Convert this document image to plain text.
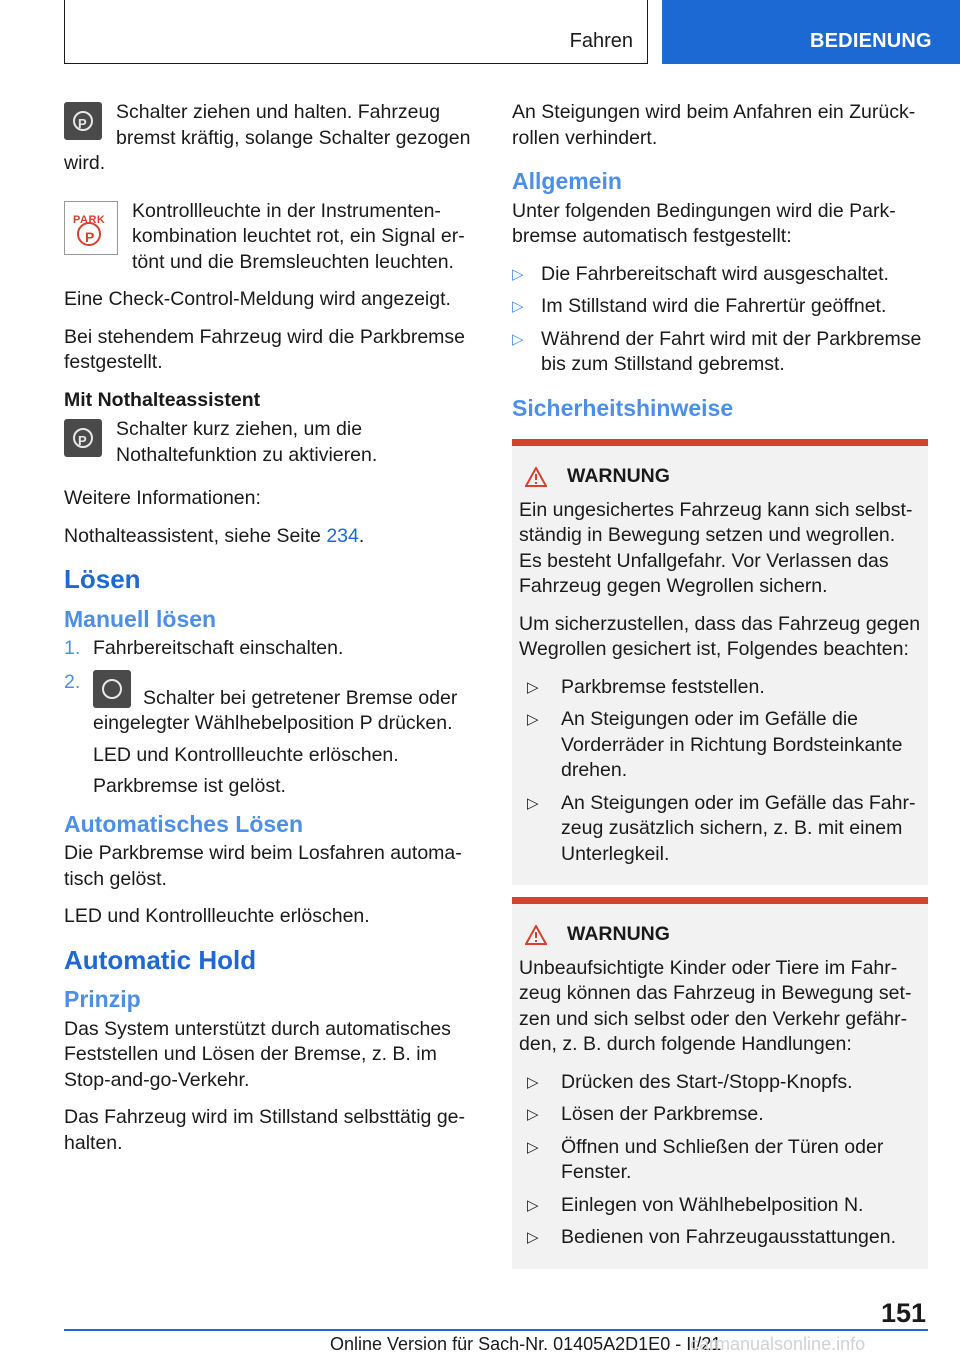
Fahren	BEDIENUNG
P

Schalter ziehen und halten. Fahrzeug bremst kräftig, solange Schalter gezogen wird.

PARK
P

Kontrollleuchte in der Instrumentenkombination leuchtet rot, ein Signal ertönt und die Bremsleuchten leuchten.

Eine Check-Control-Meldung wird angezeigt.

Bei stehendem Fahrzeug wird die Parkbremse festgestellt.

Mit Nothalteassistent
P

Schalter kurz ziehen, um die Nothaltefunktion zu aktivieren.

Weitere Informationen:

Nothalteassistent, siehe Seite 234.

Lösen
Manuell lösen
1. Fahrbereitschaft einschalten.
2.
Schalter bei getretener Bremse oder eingelegter Wählhebelposition P drücken.
LED und Kontrollleuchte erlöschen.
Parkbremse ist gelöst.
Automatisches Lösen

Die Parkbremse wird beim Losfahren automatisch gelöst.

LED und Kontrollleuchte erlöschen.

Automatic Hold
Prinzip

Das System unterstützt durch automatisches Feststellen und Lösen der Bremse, z. B. im Stop-and-go-Verkehr.

Das Fahrzeug wird im Stillstand selbsttätig gehalten.

An Steigungen wird beim Anfahren ein Zurückrollen verhindert.

Allgemein

Unter folgenden Bedingungen wird die Parkbremse automatisch festgestellt:

▷ Die Fahrbereitschaft wird ausgeschaltet.
▷ Im Stillstand wird die Fahrertür geöffnet.
▷ Während der Fahrt wird mit der Parkbremse bis zum Stillstand gebremst.
Sicherheitshinweise
WARNUNG

Ein ungesichertes Fahrzeug kann sich selbstständig in Bewegung setzen und wegrollen. Es besteht Unfallgefahr. Vor Verlassen das Fahrzeug gegen Wegrollen sichern.

Um sicherzustellen, dass das Fahrzeug gegen Wegrollen gesichert ist, Folgendes beachten:

▷ Parkbremse feststellen.
▷ An Steigungen oder im Gefälle die Vorderräder in Richtung Bordsteinkante drehen.
▷ An Steigungen oder im Gefälle das Fahrzeug zusätzlich sichern, z. B. mit einem Unterlegkeil.
WARNUNG

Unbeaufsichtigte Kinder oder Tiere im Fahrzeug können das Fahrzeug in Bewegung setzen und sich selbst oder den Verkehr gefährden, z. B. durch folgende Handlungen:

▷ Drücken des Start-/Stopp-Knopfs.
▷ Lösen der Parkbremse.
▷ Öffnen und Schließen der Türen oder Fenster.
▷ Einlegen von Wählhebelposition N.
▷ Bedienen von Fahrzeugausstattungen.
151
Online Version für Sach-Nr. 01405A2D1E0 - II/21
carmanualsonline.info
